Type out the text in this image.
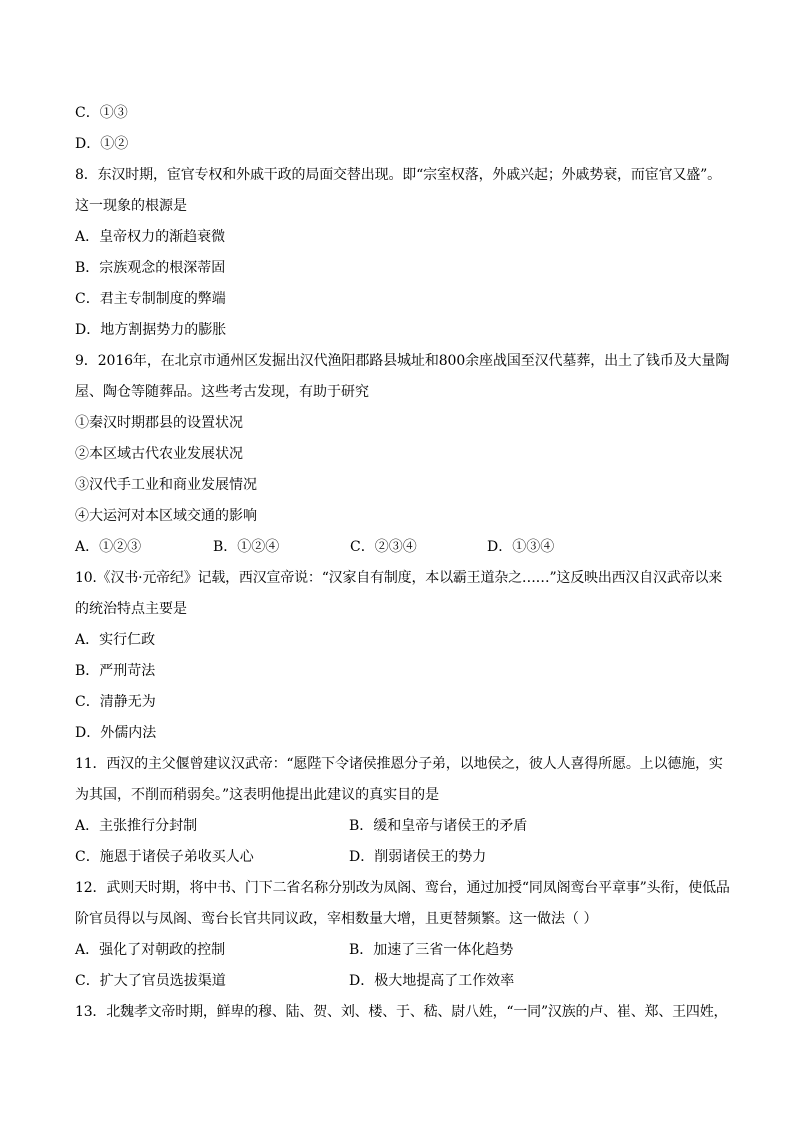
C．①③
D．①②
8．东汉时期，宦官专权和外戚干政的局面交替出现。即“宗室权落，外戚兴起；外戚势衰，而宦官又盛”。
这一现象的根源是
A．皇帝权力的渐趋衰微
B．宗族观念的根深蒂固
C．君主专制制度的弊端
D．地方割据势力的膨胀
9．2016年，在北京市通州区发掘出汉代渔阳郡路县城址和800余座战国至汉代墓葬，出土了钱币及大量陶
屋、陶仓等随葬品。这些考古发现，有助于研究
①秦汉时期郡县的设置状况
②本区域古代农业发展状况
③汉代手工业和商业发展情况
④大运河对本区域交通的影响
A．①②③	B．①②④	C．②③④	D．①③④
10.《汉书·元帝纪》记载，西汉宣帝说：“汉家自有制度，本以霸王道杂之……”这反映出西汉自汉武帝以来
的统治特点主要是
A．实行仁政
B．严刑苛法
C．清静无为
D．外儒内法
11．西汉的主父偃曾建议汉武帝：“愿陛下令诸侯推恩分子弟，以地侯之，彼人人喜得所愿。上以德施，实
为其国，不削而稍弱矣。”这表明他提出此建议的真实目的是
A．主张推行分封制	B．缓和皇帝与诸侯王的矛盾
C．施恩于诸侯子弟收买人心	D．削弱诸侯王的势力
12．武则天时期，将中书、门下二省名称分别改为凤阁、鸾台，通过加授“同凤阁鸾台平章事”头衔，使低品
阶官员得以与凤阁、鸾台长官共同议政，宰相数量大增，且更替频繁。这一做法（ ）
A．强化了对朝政的控制	B．加速了三省一体化趋势
C．扩大了官员选拔渠道	D．极大地提高了工作效率
13．北魏孝文帝时期，鲜卑的穆、陆、贺、刘、楼、于、嵇、尉八姓，“一同”汉族的卢、崔、郑、王四姓，
